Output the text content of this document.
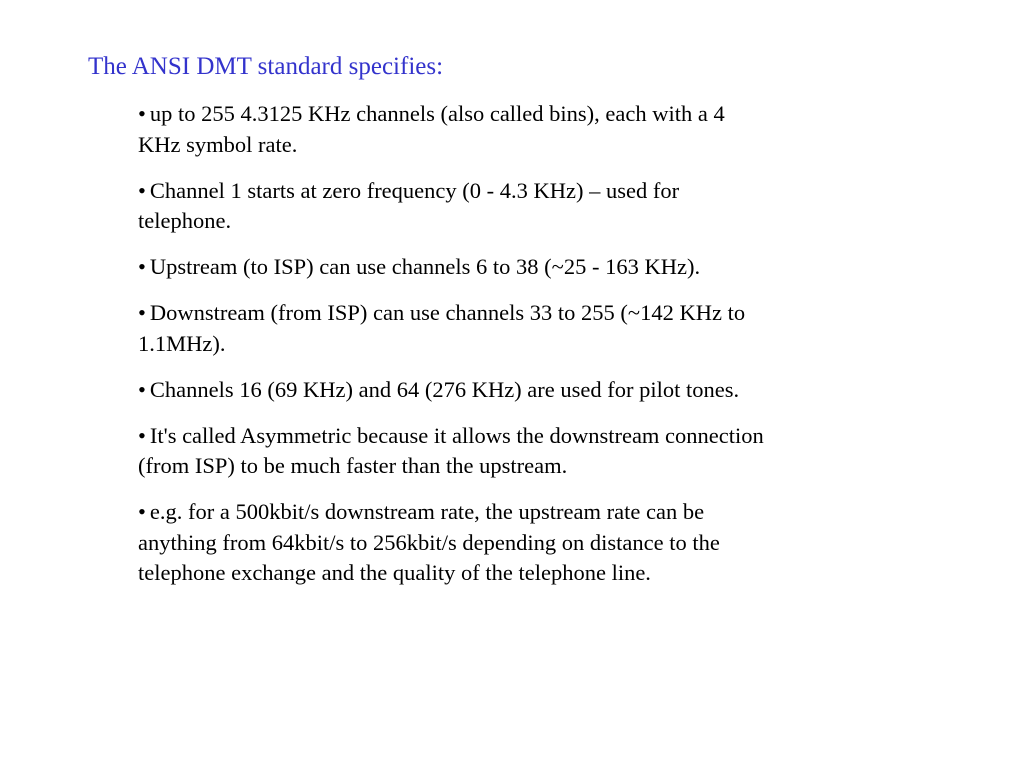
The ANSI DMT standard specifies:
• up to 255 4.3125 KHz channels (also called bins), each with a 4 KHz symbol rate.
• Channel 1 starts at zero frequency (0 - 4.3 KHz) – used for telephone.
• Upstream (to ISP) can use channels 6 to 38 (~25 - 163 KHz).
• Downstream (from ISP) can use channels 33 to 255 (~142 KHz to 1.1MHz).
• Channels 16 (69 KHz) and 64 (276 KHz) are used for pilot tones.
• It's called Asymmetric because it allows the downstream connection (from ISP) to be much faster than the upstream.
• e.g. for a 500kbit/s downstream rate, the upstream rate can be anything from 64kbit/s to 256kbit/s depending on distance to the telephone exchange and the quality of the telephone line.
